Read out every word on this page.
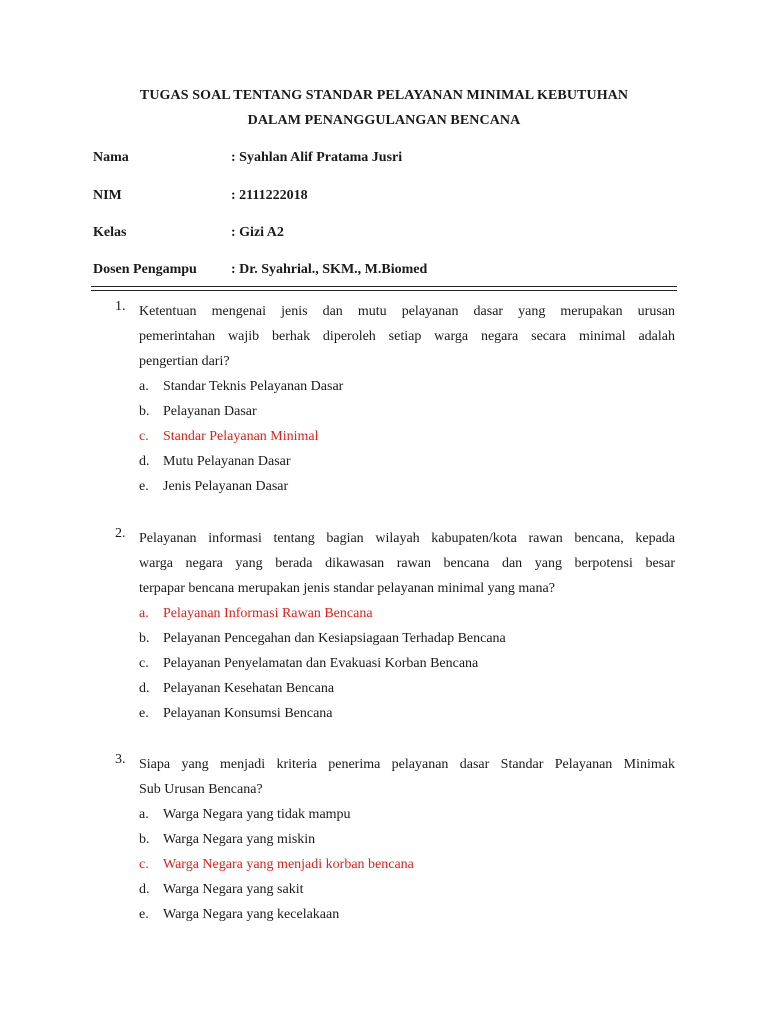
TUGAS SOAL TENTANG STANDAR PELAYANAN MINIMAL KEBUTUHAN
DALAM PENANGGULANGAN BENCANA
Nama	: Syahlan Alif Pratama Jusri
NIM	: 2111222018
Kelas	: Gizi A2
Dosen Pengampu : Dr. Syahrial., SKM., M.Biomed
1. Ketentuan mengenai jenis dan mutu pelayanan dasar yang merupakan urusan
pemerintahan wajib berhak diperoleh setiap warga negara secara minimal adalah
pengertian dari?
a. Standar Teknis Pelayanan Dasar
b. Pelayanan Dasar
c. Standar Pelayanan Minimal
d. Mutu Pelayanan Dasar
e. Jenis Pelayanan Dasar
2. Pelayanan informasi tentang bagian wilayah kabupaten/kota rawan bencana, kepada
warga negara yang berada dikawasan rawan bencana dan yang berpotensi besar
terpapar bencana merupakan jenis standar pelayanan minimal yang mana?
a. Pelayanan Informasi Rawan Bencana
b. Pelayanan Pencegahan dan Kesiapsiagaan Terhadap Bencana
c. Pelayanan Penyelamatan dan Evakuasi Korban Bencana
d. Pelayanan Kesehatan Bencana
e. Pelayanan Konsumsi Bencana
3. Siapa yang menjadi kriteria penerima pelayanan dasar Standar Pelayanan Minimak
Sub Urusan Bencana?
a. Warga Negara yang tidak mampu
b. Warga Negara yang miskin
c. Warga Negara yang menjadi korban bencana
d. Warga Negara yang sakit
e. Warga Negara yang kecelakaan
